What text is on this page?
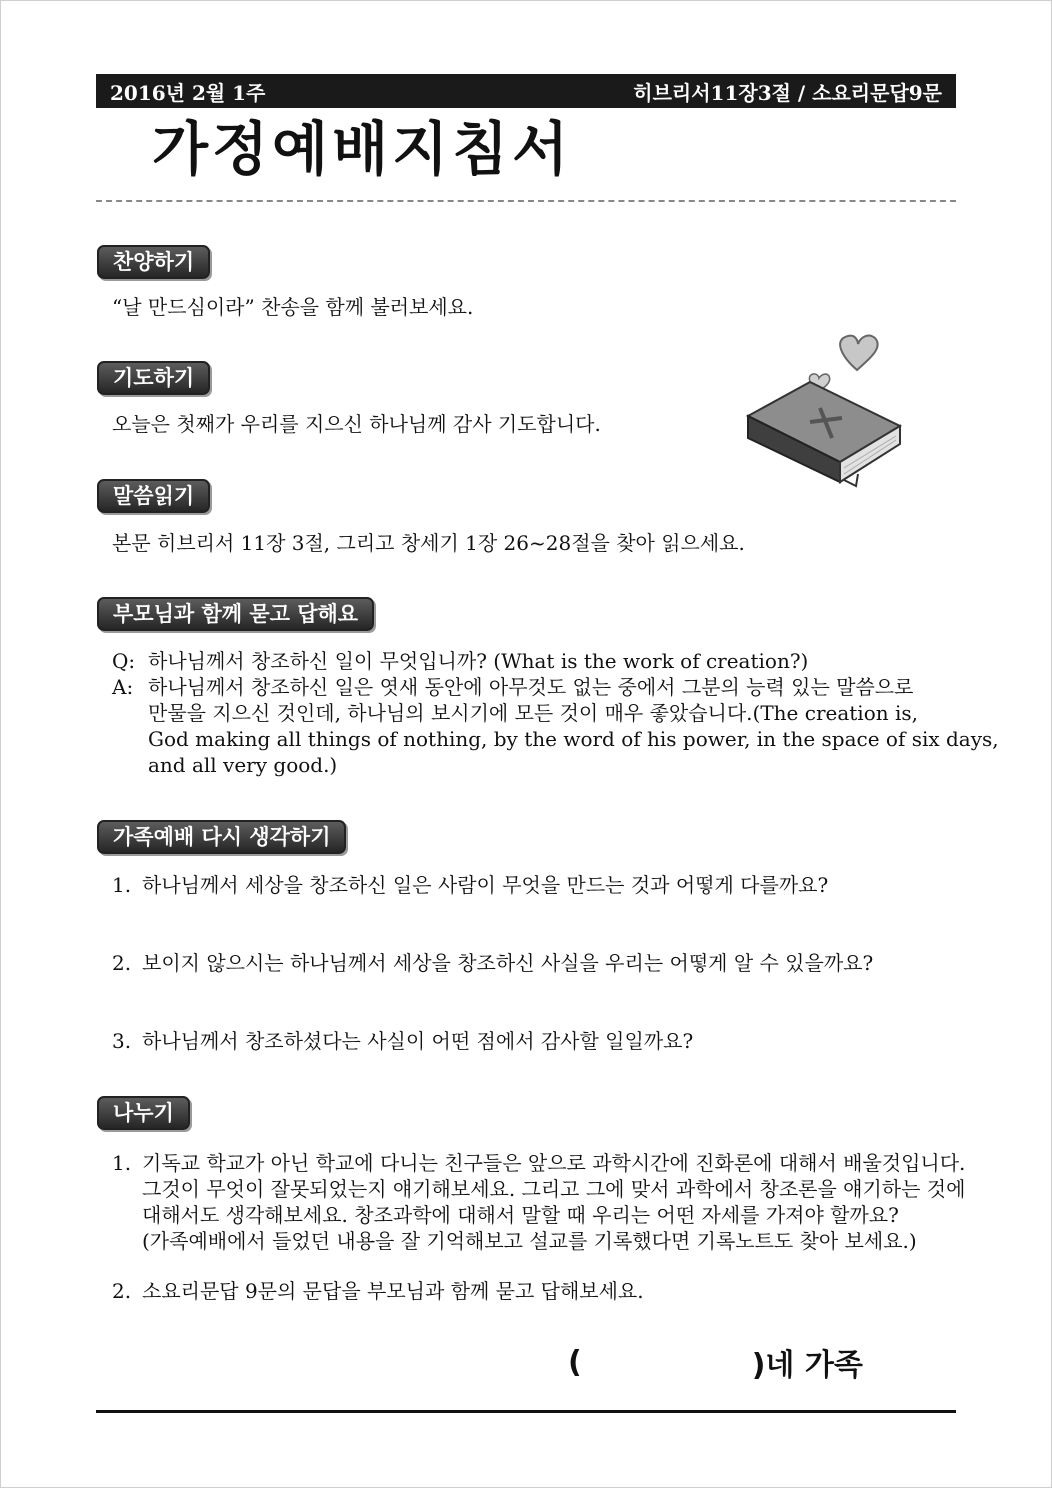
2016년 2월 1주	히브리서11장3절 / 소요리문답9문
가정예배지침서
찬양하기

“날 만드심이라” 찬송을 함께 불러보세요.

기도하기

오늘은 첫째가 우리를 지으신 하나님께 감사 기도합니다.

말씀읽기

본문 히브리서 11장 3절, 그리고 창세기 1장 26~28절을 찾아 읽으세요.

부모님과 함께 묻고 답해요
Q: 하나님께서 창조하신 일이 무엇입니까? (What is the work of creation?)
A: 하나님께서 창조하신 일은 엿새 동안에 아무것도 없는 중에서 그분의 능력 있는 말씀으로
만물을 지으신 것인데, 하나님의 보시기에 모든 것이 매우 좋았습니다.(The creation is,
God making all things of nothing, by the word of his power, in the space of six days,
and all very good.)
가족예배 다시 생각하기
1. 하나님께서 세상을 창조하신 일은 사람이 무엇을 만드는 것과 어떻게 다를까요?
2. 보이지 않으시는 하나님께서 세상을 창조하신 사실을 우리는 어떻게 알 수 있을까요?
3. 하나님께서 창조하셨다는 사실이 어떤 점에서 감사할 일일까요?
나누기
1. 기독교 학교가 아닌 학교에 다니는 친구들은 앞으로 과학시간에 진화론에 대해서 배울것입니다.
그것이 무엇이 잘못되었는지 얘기해보세요. 그리고 그에 맞서 과학에서 창조론을 얘기하는 것에
대해서도 생각해보세요. 창조과학에 대해서 말할 때 우리는 어떤 자세를 가져야 할까요?
(가족예배에서 들었던 내용을 잘 기억해보고 설교를 기록했다면 기록노트도 찾아 보세요.)
2. 소요리문답 9문의 문답을 부모님과 함께 묻고 답해보세요.
(	)네 가족
